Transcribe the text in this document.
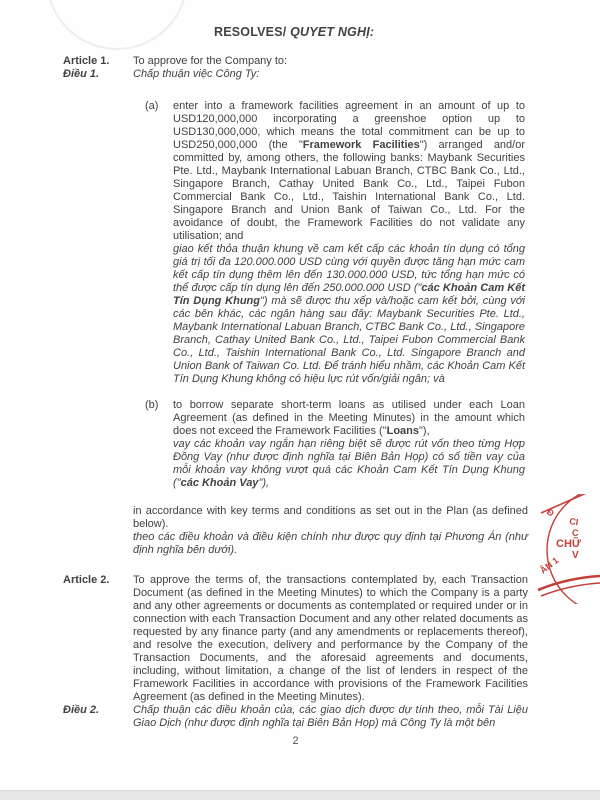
RESOLVES/ QUYET NGHỊ:
Article 1.
Điều 1.
To approve for the Company to:
Chấp thuận việc Công Ty:
(a)	enter into a framework facilities agreement in an amount of up to USD120,000,000 incorporating a greenshoe option up to USD130,000,000, which means the total commitment can be up to USD250,000,000 (the "Framework Facilities") arranged and/or committed by, among others, the following banks: Maybank Securities Pte. Ltd., Maybank International Labuan Branch, CTBC Bank Co., Ltd., Singapore Branch, Cathay United Bank Co., Ltd., Taipei Fubon Commercial Bank Co., Ltd., Taishin International Bank Co., Ltd. Singapore Branch and Union Bank of Taiwan Co., Ltd. For the avoidance of doubt, the Framework Facilities do not validate any utilisation; and
giao kết thỏa thuận khung về cam kết cấp các khoản tín dụng có tổng giá trị tối đa 120.000.000 USD cùng với quyền được tăng hạn mức cam kết cấp tín dụng thêm lên đến 130.000.000 USD, tức tổng hạn mức có thể được cấp tín dụng lên đến 250.000.000 USD ("các Khoản Cam Kết Tín Dụng Khung") mà sẽ được thu xếp và/hoặc cam kết bởi, cùng với các bên khác, các ngân hàng sau đây: Maybank Securities Pte. Ltd., Maybank International Labuan Branch, CTBC Bank Co., Ltd., Singapore Branch, Cathay United Bank Co., Ltd., Taipei Fubon Commercial Bank Co., Ltd., Taishin International Bank Co., Ltd. Singapore Branch and Union Bank of Taiwan Co. Ltd. Để tránh hiểu nhầm, các Khoản Cam Kết Tín Dụng Khung không có hiệu lực rút vốn/giải ngân; và
(b)	to borrow separate short-term loans as utilised under each Loan Agreement (as defined in the Meeting Minutes) in the amount which does not exceed the Framework Facilities ("Loans"),
vay các khoản vay ngắn hạn riêng biệt sẽ được rút vốn theo từng Hợp Đồng Vay (như được định nghĩa tại Biên Bản Họp) có số tiền vay của mỗi khoản vay không vượt quá các Khoản Cam Kết Tín Dụng Khung ("các Khoản Vay"),
in accordance with key terms and conditions as set out in the Plan (as defined below).
theo các điều khoản và điều kiện chính như được quy định tại Phương Án (như định nghĩa bên dưới).
Article 2.	To approve the terms of, the transactions contemplated by, each Transaction Document (as defined in the Meeting Minutes) to which the Company is a party and any other agreements or documents as contemplated or required under or in connection with each Transaction Document and any other related documents as requested by any finance party (and any amendments or replacements thereof), and resolve the execution, delivery and performance by the Company of the Transaction Documents, and the aforesaid agreements and documents, including, without limitation, a change of the list of lenders in respect of the Framework Facilities in accordance with provisions of the Framework Facilities Agreement (as defined in the Meeting Minutes).
Điều 2.	Chấp thuận các điều khoản của, các giao dịch được dự tính theo, mỗi Tài Liệu Giao Dịch (như được định nghĩa tại Biên Bản Họp) mà Công Ty là một bên
2
Đ
CI
C
CHỮ
V
ÂN 1
